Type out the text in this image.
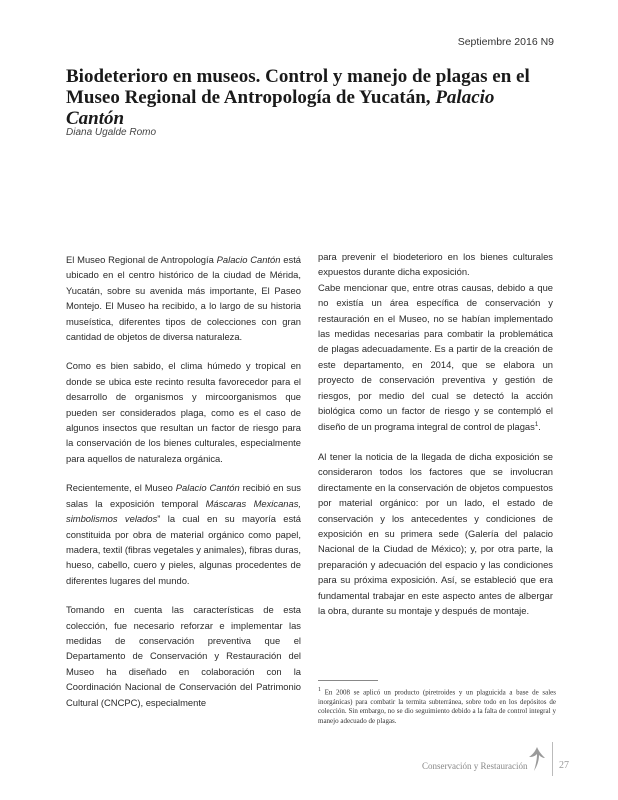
Septiembre 2016 N9
Biodeterioro en museos. Control y manejo de plagas en el Museo Regional de Antropología de Yucatán, Palacio Cantón
Diana Ugalde Romo

El Museo Regional de Antropología Palacio Cantón está ubicado en el centro histórico de la ciudad de Mérida, Yucatán, sobre su avenida más importante, El Paseo Montejo. El Museo ha recibido, a lo largo de su historia museística, diferentes tipos de colecciones con gran cantidad de objetos de diversa naturaleza.

Como es bien sabido, el clima húmedo y tropical en donde se ubica este recinto resulta favorecedor para el desarrollo de organismos y mircoorganismos que pueden ser considerados plaga, como es el caso de algunos insectos que resultan un factor de riesgo para la conservación de los bienes culturales, especialmente para aquellos de naturaleza orgánica.

Recientemente, el Museo Palacio Cantón recibió en sus salas la exposición temporal Máscaras Mexicanas, simbolismos velados” la cual en su mayoría está constituida por obra de material orgánico como papel, madera, textil (fibras vegetales y animales), fibras duras, hueso, cabello, cuero y pieles, algunas procedentes de diferentes lugares del mundo.

Tomando en cuenta las características de esta colección, fue necesario reforzar e implementar las medidas de conservación preventiva que el Departamento de Conservación y Restauración del Museo ha diseñado en colaboración con la Coordinación Nacional de Conservación del Patrimonio Cultural (CNCPC), especialmente

para prevenir el biodeterioro en los bienes culturales expuestos durante dicha exposición.

Cabe mencionar que, entre otras causas, debido a que no existía un área específica de conservación y restauración en el Museo, no se habían implementado las medidas necesarias para combatir la problemática de plagas adecuadamente. Es a partir de la creación de este departamento, en 2014, que se elabora un proyecto de conservación preventiva y gestión de riesgos, por medio del cual se detectó la acción biológica como un factor de riesgo y se contempló el diseño de un programa integral de control de plagas$^1$.

Al tener la noticia de la llegada de dicha exposición se consideraron todos los factores que se involucran directamente en la conservación de objetos compuestos por material orgánico: por un lado, el estado de conservación y los antecedentes y condiciones de exposición en su primera sede (Galería del palacio Nacional de la Ciudad de México); y, por otra parte, la preparación y adecuación del espacio y las condiciones para su próxima exposición. Así, se estableció que era fundamental trabajar en este aspecto antes de albergar la obra, durante su montaje y después de montaje.

1 En 2008 se aplicó un producto (piretroides y un plaguicida a base de sales inorgánicas) para combatir la termita subterránea, sobre todo en los depósitos de colección. Sin embargo, no se dio seguimiento debido a la falta de control integral y manejo adecuado de plagas.

Conservación y Restauración	27
